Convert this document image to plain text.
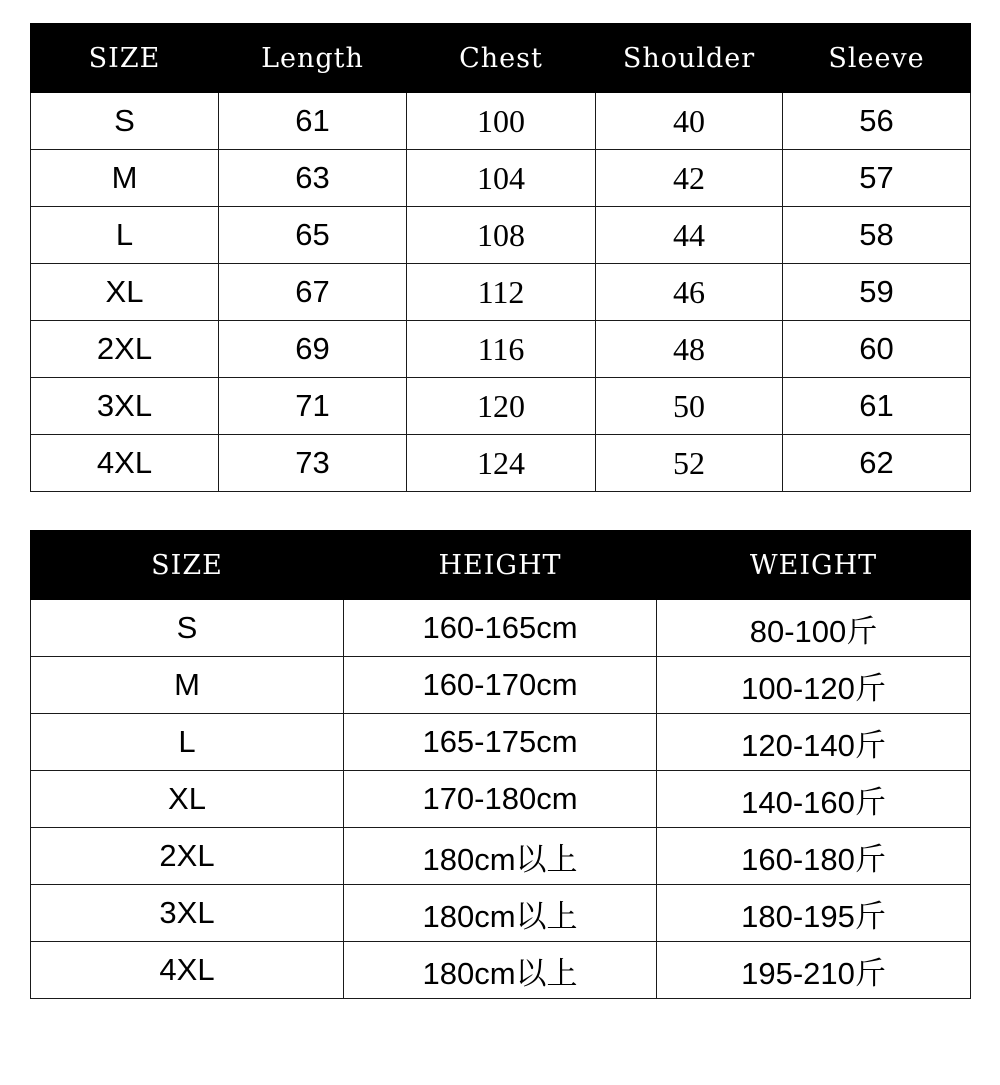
SIZE	Length	Chest	Shoulder	Sleeve
S	61	100	40	56
M	63	104	42	57
L	65	108	44	58
XL	67	112	46	59
2XL	69	116	48	60
3XL	71	120	50	61
4XL	73	124	52	62
SIZE	HEIGHT	WEIGHT
S	160-165cm	80-100斤
M	160-170cm	100-120斤
L	165-175cm	120-140斤
XL	170-180cm	140-160斤
2XL	180cm以上	160-180斤
3XL	180cm以上	180-195斤
4XL	180cm以上	195-210斤
